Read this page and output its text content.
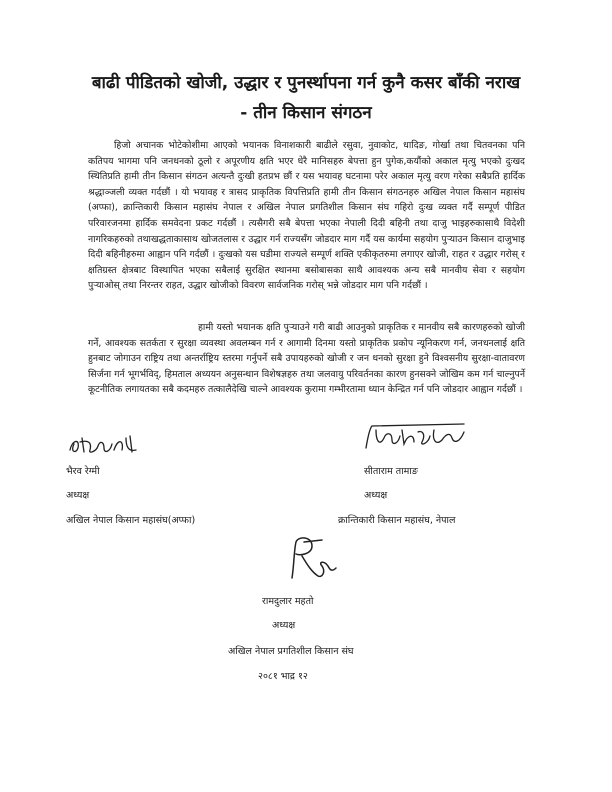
बाढी पीडितको खोजी, उद्धार र पुनर्स्थापना गर्न कुनै कसर बाँकी नराख
- तीन किसान संगठन

हिजो अचानक भोटेकोशीमा आएको भयानक विनाशकारी बाढीले रसुवा, नुवाकोट, धादिङ, गोर्खा तथा चितवनका पनि कतिपय भागमा पनि जनधनको ठूलो र अपूरणीय क्षति भएर धेरै मानिसहरु बेपत्ता हुन पुगेक,कयौंको अकाल मृत्यु भएको दुःखद स्थितिप्रति हामी तीन किसान संगठन अत्यन्तै दुःखी हतप्रभ छौं र यस भयावह घटनामा परेर अकाल मृत्यु वरण गरेका सबैप्रति हार्दिक श्रद्धाञ्जली व्यक्त गर्दछौं । यो भयावह र त्रासद प्राकृतिक विपत्तिप्रति हामी तीन किसान संगठनहरु अखिल नेपाल किसान महासंघ (अप्फा), क्रान्तिकारी किसान महासंघ नेपाल र अखिल नेपाल प्रगतिशील किसान संघ गहिरो दुःख व्यक्त गर्दै सम्पूर्ण पीडित परिवारजनमा हार्दिक समवेदना प्रकट गर्दछौं । त्यसैगरी सबै बेपत्ता भएका नेपाली दिदी बहिनी तथा दाजु भाइहरुकासाथै विदेशी नागरिकहरुको तथाखद्धताकासाथ खोजतलास र उद्धार गर्न राज्यसँग जोडदार माग गर्दै यस कार्यमा सहयोग पुर्‍याउन किसान दाजुभाइ दिदी बहिनीहरुमा आह्वान पनि गर्दछौं । दुःखको यस घडीमा राज्यले सम्पूर्ण शक्ति एकीकृतरुमा लगाएर खोजी, राहत र उद्धार गरोस् र क्षतिग्रस्त क्षेत्रबाट विस्थापित भएका सबैलाई सुरक्षित स्थानमा बसोबासका साथै आवश्यक अन्य सबै मानवीय सेवा र सहयोग पुर्‍याओस् तथा निरन्तर राहत, उद्धार खोजीको विवरण सार्वजनिक गरोस् भन्ने जोडदार माग पनि गर्दछौं ।

हामी यस्तो भयानक क्षति पुर्‍याउने गरी बाढी आउनुको प्राकृतिक र मानवीय सबै कारणहरुको खोजी गर्ने, आवश्यक सतर्कता र सुरक्षा व्यवस्था अवलम्बन गर्न र आगामी दिनमा यस्तो प्राकृतिक प्रकोप न्यूनिकरण गर्न, जनधनलाई क्षति हुनबाट जोगाउन राष्ट्रिय तथा अन्तर्राष्ट्रिय स्तरमा गर्नुपर्ने सबै उपायहरुको खोजी र जन धनको सुरक्षा हुने विश्वसनीय सुरक्षा-वातावरण सिर्जना गर्न भूगर्भविद्, हिमताल अध्ययन अनुसन्धान विशेषज्ञहरु तथा जलवायु परिवर्तनका कारण हुनसक्ने जोखिम कम गर्न चाल्नुपर्ने कूटनीतिक लगायतका सबै कदमहरु तत्कालैदेखि चाल्ने आवश्यक कुरामा गम्भीरतामा ध्यान केन्द्रित गर्न पनि जोडदार आह्वान गर्दछौं ।

भैरव रेग्मी
अध्यक्ष
अखिल नेपाल किसान महासंघ(अप्फा)
सीताराम तामाङ
अध्यक्ष
क्रान्तिकारी किसान महासंघ, नेपाल
रामदुलार महतो
अध्यक्ष
अखिल नेपाल प्रगतिशील किसान संघ
२०८१ भाद्र १२
